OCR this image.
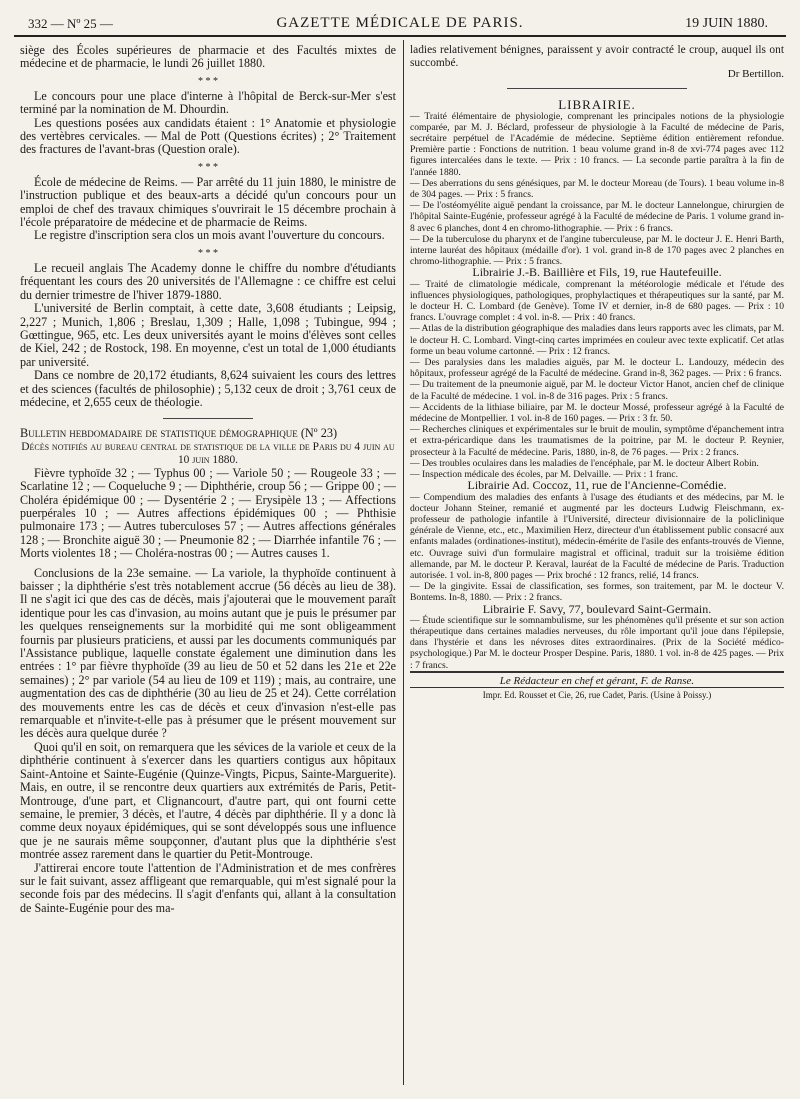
332 — Nº 25 —	GAZETTE MÉDICALE DE PARIS.	19 JUIN 1880.

siège des Écoles supérieures de pharmacie et des Facultés mixtes de médecine et de pharmacie, le lundi 26 juillet 1880.

* * *

Le concours pour une place d'interne à l'hôpital de Berck-sur-Mer s'est terminé par la nomination de M. Dhourdin.

Les questions posées aux candidats étaient : 1° Anatomie et physiologie des vertèbres cervicales. — Mal de Pott (Questions écrites) ; 2° Traitement des fractures de l'avant-bras (Question orale).

* * *

École de médecine de Reims. — Par arrêté du 11 juin 1880, le ministre de l'instruction publique et des beaux-arts a décidé qu'un concours pour un emploi de chef des travaux chimiques s'ouvrirait le 15 décembre prochain à l'école préparatoire de médecine et de pharmacie de Reims.

Le registre d'inscription sera clos un mois avant l'ouverture du concours.

* * *

Le recueil anglais The Academy donne le chiffre du nombre d'étudiants fréquentant les cours des 20 universités de l'Allemagne : ce chiffre est celui du dernier trimestre de l'hiver 1879-1880.

L'université de Berlin comptait, à cette date, 3,608 étudiants ; Leipsig, 2,227 ; Munich, 1,806 ; Breslau, 1,309 ; Halle, 1,098 ; Tubingue, 994 ; Gœttingue, 965, etc. Les deux universités ayant le moins d'élèves sont celles de Kiel, 242 ; de Rostock, 198. En moyenne, c'est un total de 1,000 étudiants par université.

Dans ce nombre de 20,172 étudiants, 8,624 suivaient les cours des lettres et des sciences (facultés de philosophie) ; 5,132 ceux de droit ; 3,761 ceux de médecine, et 2,655 ceux de théologie.

Bulletin hebdomadaire de statistique démographique (Nº 23)

Décès notifiés au bureau central de statistique de la ville de Paris du 4 juin au 10 juin 1880.

Fièvre typhoïde 32 ; — Typhus 00 ; — Variole 50 ; — Rougeole 33 ; — Scarlatine 12 ; — Coqueluche 9 ; — Diphthérie, croup 56 ; — Grippe 00 ; — Choléra épidémique 00 ; — Dysentérie 2 ; — Erysipèle 13 ; — Affections puerpérales 10 ; — Autres affections épidémiques 00 ; — Phthisie pulmonaire 173 ; — Autres tuberculoses 57 ; — Autres affections générales 128 ; — Bronchite aiguë 30 ; — Pneumonie 82 ; — Diarrhée infantile 76 ; — Morts violentes 18 ; — Choléra-nostras 00 ; — Autres causes 1.

Conclusions de la 23e semaine. — La variole, la thyphoïde continuent à baisser ; la diphthérie s'est très notablement accrue (56 décès au lieu de 38). Il ne s'agit ici que des cas de décès, mais j'ajouterai que le mouvement paraît identique pour les cas d'invasion, au moins autant que je puis le présumer par les quelques renseignements sur la morbidité qui me sont obligeamment fournis par plusieurs praticiens, et aussi par les documents communiqués par l'Assistance publique, laquelle constate également une diminution dans les entrées : 1° par fièvre thyphoïde (39 au lieu de 50 et 52 dans les 21e et 22e semaines) ; 2° par variole (54 au lieu de 109 et 119) ; mais, au contraire, une augmentation des cas de diphthérie (30 au lieu de 25 et 24). Cette corrélation des mouvements entre les cas de décès et ceux d'invasion n'est-elle pas remarquable et n'invite-t-elle pas à présumer que le présent mouvement sur les décès aura quelque durée ?

Quoi qu'il en soit, on remarquera que les sévices de la variole et ceux de la diphthérie continuent à s'exercer dans les quartiers contigus aux hôpitaux Saint-Antoine et Sainte-Eugénie (Quinze-Vingts, Picpus, Sainte-Marguerite). Mais, en outre, il se rencontre deux quartiers aux extrémités de Paris, Petit-Montrouge, d'une part, et Clignancourt, d'autre part, qui ont fourni cette semaine, le premier, 3 décès, et l'autre, 4 décès par diphthérie. Il y a donc là comme deux noyaux épidémiques, qui se sont développés sous une influence que je ne saurais même soupçonner, d'autant plus que la diphthérie s'est montrée assez rarement dans le quartier du Petit-Montrouge.

J'attirerai encore toute l'attention de l'Administration et de mes confrères sur le fait suivant, assez affligeant que remarquable, qui m'est signalé pour la seconde fois par des médecins. Il s'agit d'enfants qui, allant à la consultation de Sainte-Eugénie pour des ma-

ladies relativement bénignes, paraissent y avoir contracté le croup, auquel ils ont succombé.

Dr Bertillon.

LIBRAIRIE.

— Traité élémentaire de physiologie, comprenant les principales notions de la physiologie comparée, par M. J. Béclard, professeur de physiologie à la Faculté de médecine de Paris, secrétaire perpétuel de l'Académie de médecine. Septième édition entièrement refondue. Première partie : Fonctions de nutrition. 1 beau volume grand in-8 de xvi-774 pages avec 112 figures intercalées dans le texte. — Prix : 10 francs. — La seconde partie paraîtra à la fin de l'année 1880.

— Des aberrations du sens génésiques, par M. le docteur Moreau (de Tours). 1 beau volume in-8 de 304 pages. — Prix : 5 francs.

— De l'ostéomyélite aiguë pendant la croissance, par M. le docteur Lannelongue, chirurgien de l'hôpital Sainte-Eugénie, professeur agrégé à la Faculté de médecine de Paris. 1 volume grand in-8 avec 6 planches, dont 4 en chromo-lithographie. — Prix : 6 francs.

— De la tuberculose du pharynx et de l'angine tuberculeuse, par M. le docteur J. E. Henri Barth, interne lauréat des hôpitaux (médaille d'or). 1 vol. grand in-8 de 170 pages avec 2 planches en chromo-lithographie. — Prix : 5 francs.

Librairie J.-B. Baillière et Fils, 19, rue Hautefeuille.

— Traité de climatologie médicale, comprenant la météorologie médicale et l'étude des influences physiologiques, pathologiques, prophylactiques et thérapeutiques sur la santé, par M. le docteur H. C. Lombard (de Genève). Tome IV et dernier, in-8 de 680 pages. — Prix : 10 francs. L'ouvrage complet : 4 vol. in-8. — Prix : 40 francs.

— Atlas de la distribution géographique des maladies dans leurs rapports avec les climats, par M. le docteur H. C. Lombard. Vingt-cinq cartes imprimées en couleur avec texte explicatif. Cet atlas forme un beau volume cartonné. — Prix : 12 francs.

— Des paralysies dans les maladies aiguës, par M. le docteur L. Landouzy, médecin des hôpitaux, professeur agrégé de la Faculté de médecine. Grand in-8, 362 pages. — Prix : 6 francs.

— Du traitement de la pneumonie aiguë, par M. le docteur Victor Hanot, ancien chef de clinique de la Faculté de médecine. 1 vol. in-8 de 316 pages. Prix : 5 francs.

— Accidents de la lithiase biliaire, par M. le docteur Mossé, professeur agrégé à la Faculté de médecine de Montpellier. 1 vol. in-8 de 160 pages. — Prix : 3 fr. 50.

— Recherches cliniques et expérimentales sur le bruit de moulin, symptôme d'épanchement intra et extra-péricardique dans les traumatismes de la poitrine, par M. le docteur P. Reynier, prosecteur à la Faculté de médecine. Paris, 1880, in-8, de 76 pages. — Prix : 2 francs.

— Des troubles oculaires dans les maladies de l'encéphale, par M. le docteur Albert Robin.

— Inspection médicale des écoles, par M. Delvaille. — Prix : 1 franc.

Librairie Ad. Coccoz, 11, rue de l'Ancienne-Comédie.

— Compendium des maladies des enfants à l'usage des étudiants et des médecins, par M. le docteur Johann Steiner, remanié et augmenté par les docteurs Ludwig Fleischmann, ex-professeur de pathologie infantile à l'Université, directeur divisionnaire de la policlinique générale de Vienne, etc., etc., Maximilien Herz, directeur d'un établissement public consacré aux enfants malades (ordinationes-institut), médecin-émérite de l'asile des enfants-trouvés de Vienne, etc. Ouvrage suivi d'un formulaire magistral et officinal, traduit sur la troisième édition allemande, par M. le docteur P. Keraval, lauréat de la Faculté de médecine de Paris. Traduction autorisée. 1 vol. in-8, 800 pages — Prix broché : 12 francs, relié, 14 francs.

— De la gingivite. Essai de classification, ses formes, son traitement, par M. le docteur V. Bontems. In-8, 1880. — Prix : 2 francs.

Librairie F. Savy, 77, boulevard Saint-Germain.

— Étude scientifique sur le somnambulisme, sur les phénomènes qu'il présente et sur son action thérapeutique dans certaines maladies nerveuses, du rôle important qu'il joue dans l'épilepsie, dans l'hystérie et dans les névroses dites extraordinaires. (Prix de la Société médico-psychologique.) Par M. le docteur Prosper Despine. Paris, 1880. 1 vol. in-8 de 425 pages. — Prix : 7 francs.

Le Rédacteur en chef et gérant, F. de Ranse.

Impr. Ed. Rousset et Cie, 26, rue Cadet, Paris. (Usine à Poissy.)
